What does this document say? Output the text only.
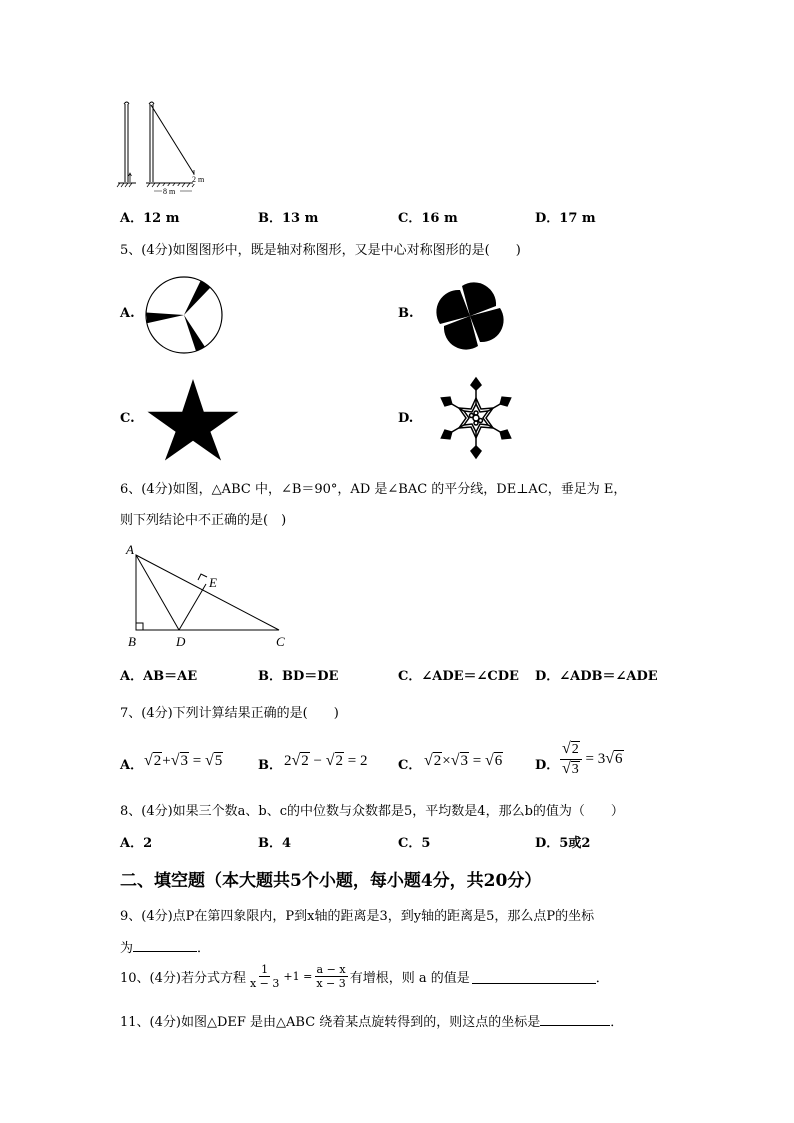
8 m
2 m
A．12 m	B．13 m	C．16 m	D．17 m
5、(4分)如图图形中，既是轴对称图形，又是中心对称图形的是(　　)
A.	B.
C.	D.
6、(4分)如图，△ABC 中，∠B＝90°，AD 是∠BAC 的平分线，DE⊥AC，垂足为 E，
则下列结论中不正确的是(　)
A
B	D	C
E
A．AB＝AE	B．BD＝DE	C．∠ADE＝∠CDE D．∠ADB＝∠ADE
7、(4分)下列计算结果正确的是(　　)
A． √2+√3 = √5	B． 2√2 − √2 = 2 C． √2×√3 = √6	D． $\frac{√2}{√3} = 3√6$
8、(4分)如果三个数a、b、c的中位数与众数都是5，平均数是4，那么b的值为（　　）
A．2	B．4	C．5	D．5或2
二、填空题（本大题共5个小题，每小题4分，共20分）
9、(4分)点P在第四象限内，P到x轴的距离是3，到y轴的距离是5，那么点P的坐标
为	．
10、(4分)若分式方程 $\frac{1}{x - 3} +1 = \frac{a - x}{x - 3}$ 有增根，则 a 的值是	．
11、(4分)如图△DEF 是由△ABC 绕着某点旋转得到的，则这点的坐标是	．
